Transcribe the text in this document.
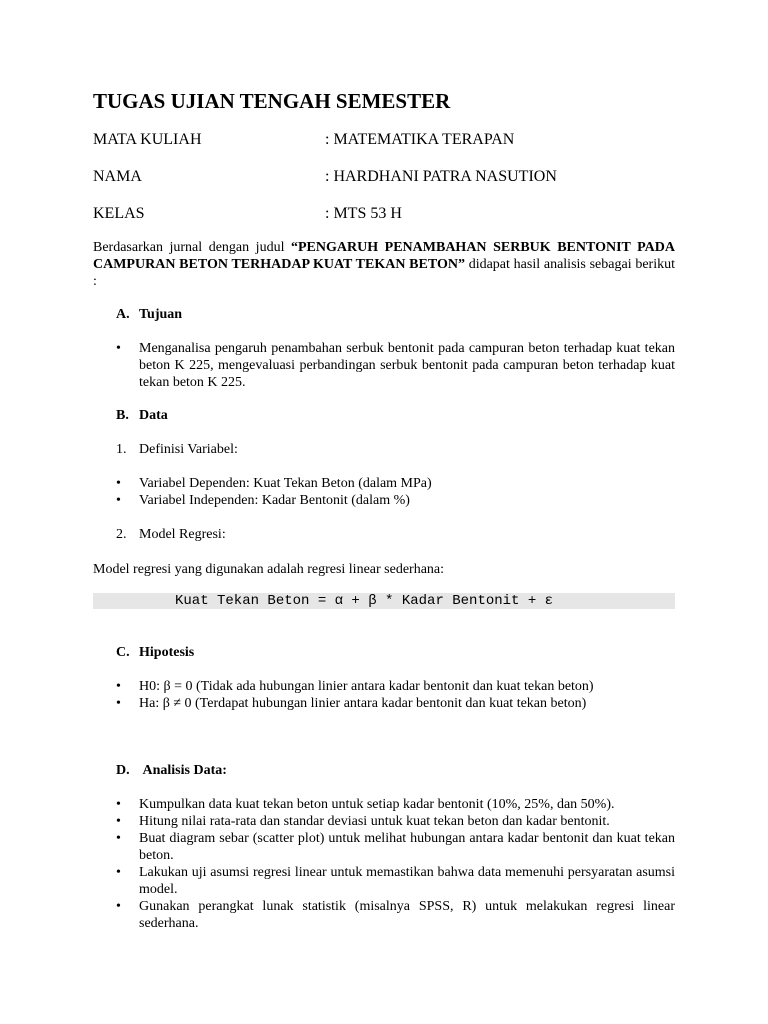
TUGAS UJIAN TENGAH SEMESTER
MATA KULIAH	: MATEMATIKA TERAPAN
NAMA	: HARDHANI PATRA NASUTION
KELAS	: MTS 53 H
Berdasarkan jurnal dengan judul “PENGARUH PENAMBAHAN SERBUK BENTONIT PADA CAMPURAN BETON TERHADAP KUAT TEKAN BETON” didapat hasil analisis sebagai berikut :
A. Tujuan
•	Menganalisa pengaruh penambahan serbuk bentonit pada campuran beton terhadap kuat tekan beton K 225, mengevaluasi perbandingan serbuk bentonit pada campuran beton terhadap kuat tekan beton K 225.
B. Data
1. Definisi Variabel:
•	Variabel Dependen: Kuat Tekan Beton (dalam MPa)
•	Variabel Independen: Kadar Bentonit (dalam %)
2. Model Regresi:
Model regresi yang digunakan adalah regresi linear sederhana:

Kuat Tekan Beton = α + β * Kadar Bentonit + ε

C. Hipotesis
•	H0: β = 0 (Tidak ada hubungan linier antara kadar bentonit dan kuat tekan beton)
•	Ha: β ≠ 0 (Terdapat hubungan linier antara kadar bentonit dan kuat tekan beton)
D. Analisis Data:
•	Kumpulkan data kuat tekan beton untuk setiap kadar bentonit (10%, 25%, dan 50%).
•	Hitung nilai rata-rata dan standar deviasi untuk kuat tekan beton dan kadar bentonit.
•	Buat diagram sebar (scatter plot) untuk melihat hubungan antara kadar bentonit dan kuat tekan beton.
•	Lakukan uji asumsi regresi linear untuk memastikan bahwa data memenuhi persyaratan asumsi model.
•	Gunakan perangkat lunak statistik (misalnya SPSS, R) untuk melakukan regresi linear sederhana.
